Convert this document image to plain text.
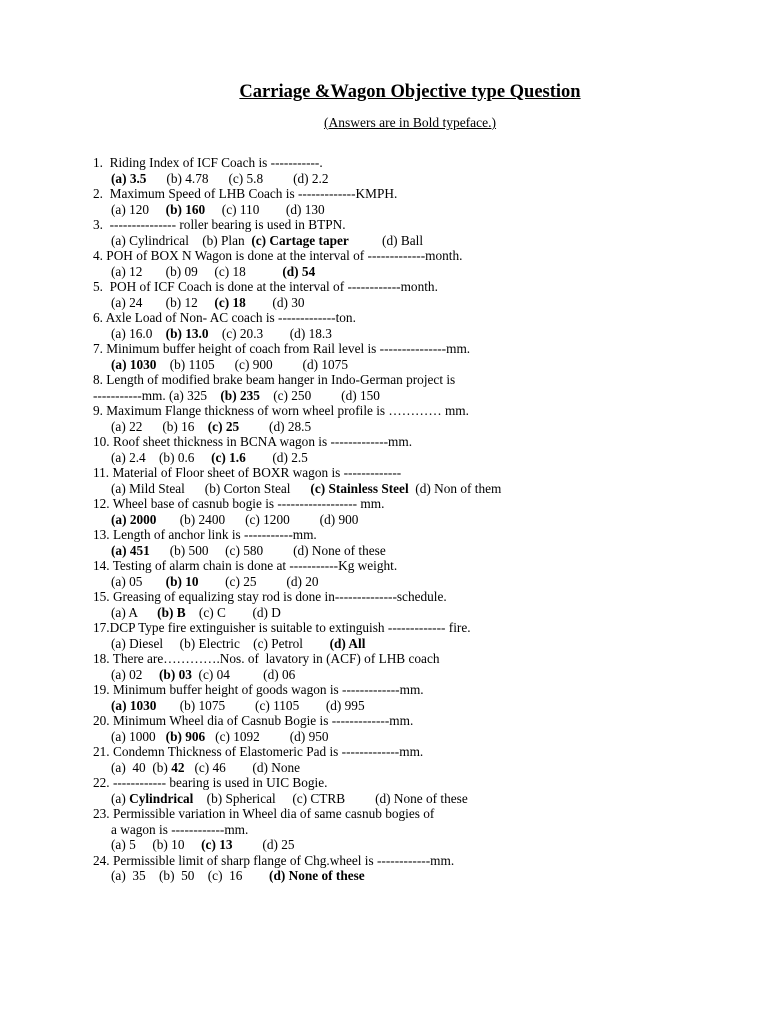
Carriage &Wagon Objective type Question
(Answers are in Bold typeface.)
1.  Riding Index of ICF Coach is -----------.
(a) 3.5      (b) 4.78      (c) 5.8         (d) 2.2
2.  Maximum Speed of LHB Coach is -------------KMPH.
(a) 120     (b) 160     (c) 110        (d) 130
3.  --------------- roller bearing is used in BTPN.
(a) Cylindrical    (b) Plan  (c) Cartage taper          (d) Ball
4. POH of BOX N Wagon is done at the interval of -------------month.
(a) 12       (b) 09     (c) 18           (d) 54
5.  POH of ICF Coach is done at the interval of ------------month.
(a) 24       (b) 12     (c) 18        (d) 30
6. Axle Load of Non- AC coach is -------------ton.
(a) 16.0    (b) 13.0    (c) 20.3        (d) 18.3
7. Minimum buffer height of coach from Rail level is ---------------mm.
(a) 1030    (b) 1105      (c) 900         (d) 1075
8. Length of modified brake beam hanger in Indo-German project is
-----------mm. (a) 325    (b) 235    (c) 250         (d) 150
9. Maximum Flange thickness of worn wheel profile is ………… mm.
(a) 22      (b) 16    (c) 25         (d) 28.5
10. Roof sheet thickness in BCNA wagon is -------------mm.
(a) 2.4    (b) 0.6     (c) 1.6        (d) 2.5
11. Material of Floor sheet of BOXR wagon is -------------
(a) Mild Steal      (b) Corton Steal      (c) Stainless Steel  (d) Non of them
12. Wheel base of casnub bogie is ------------------ mm.
(a) 2000       (b) 2400      (c) 1200         (d) 900
13. Length of anchor link is -----------mm.
(a) 451      (b) 500     (c) 580         (d) None of these
14. Testing of alarm chain is done at -----------Kg weight.
(a) 05       (b) 10        (c) 25         (d) 20
15. Greasing of equalizing stay rod is done in--------------schedule.
(a) A      (b) B    (c) C        (d) D
17.DCP Type fire extinguisher is suitable to extinguish ------------- fire.
(a) Diesel     (b) Electric    (c) Petrol        (d) All
18. There are………….Nos. of  lavatory in (ACF) of LHB coach
(a) 02     (b) 03  (c) 04          (d) 06
19. Minimum buffer height of goods wagon is -------------mm.
(a) 1030       (b) 1075         (c) 1105        (d) 995
20. Minimum Wheel dia of Casnub Bogie is -------------mm.
(a) 1000   (b) 906   (c) 1092         (d) 950
21. Condemn Thickness of Elastomeric Pad is -------------mm.
(a)  40  (b) 42   (c) 46        (d) None
22. ------------ bearing is used in UIC Bogie.
(a) Cylindrical    (b) Spherical     (c) CTRB         (d) None of these
23. Permissible variation in Wheel dia of same casnub bogies of
a wagon is ------------mm.
(a) 5     (b) 10     (c) 13         (d) 25
24. Permissible limit of sharp flange of Chg.wheel is ------------mm.
(a)  35    (b)  50    (c)  16        (d) None of these
